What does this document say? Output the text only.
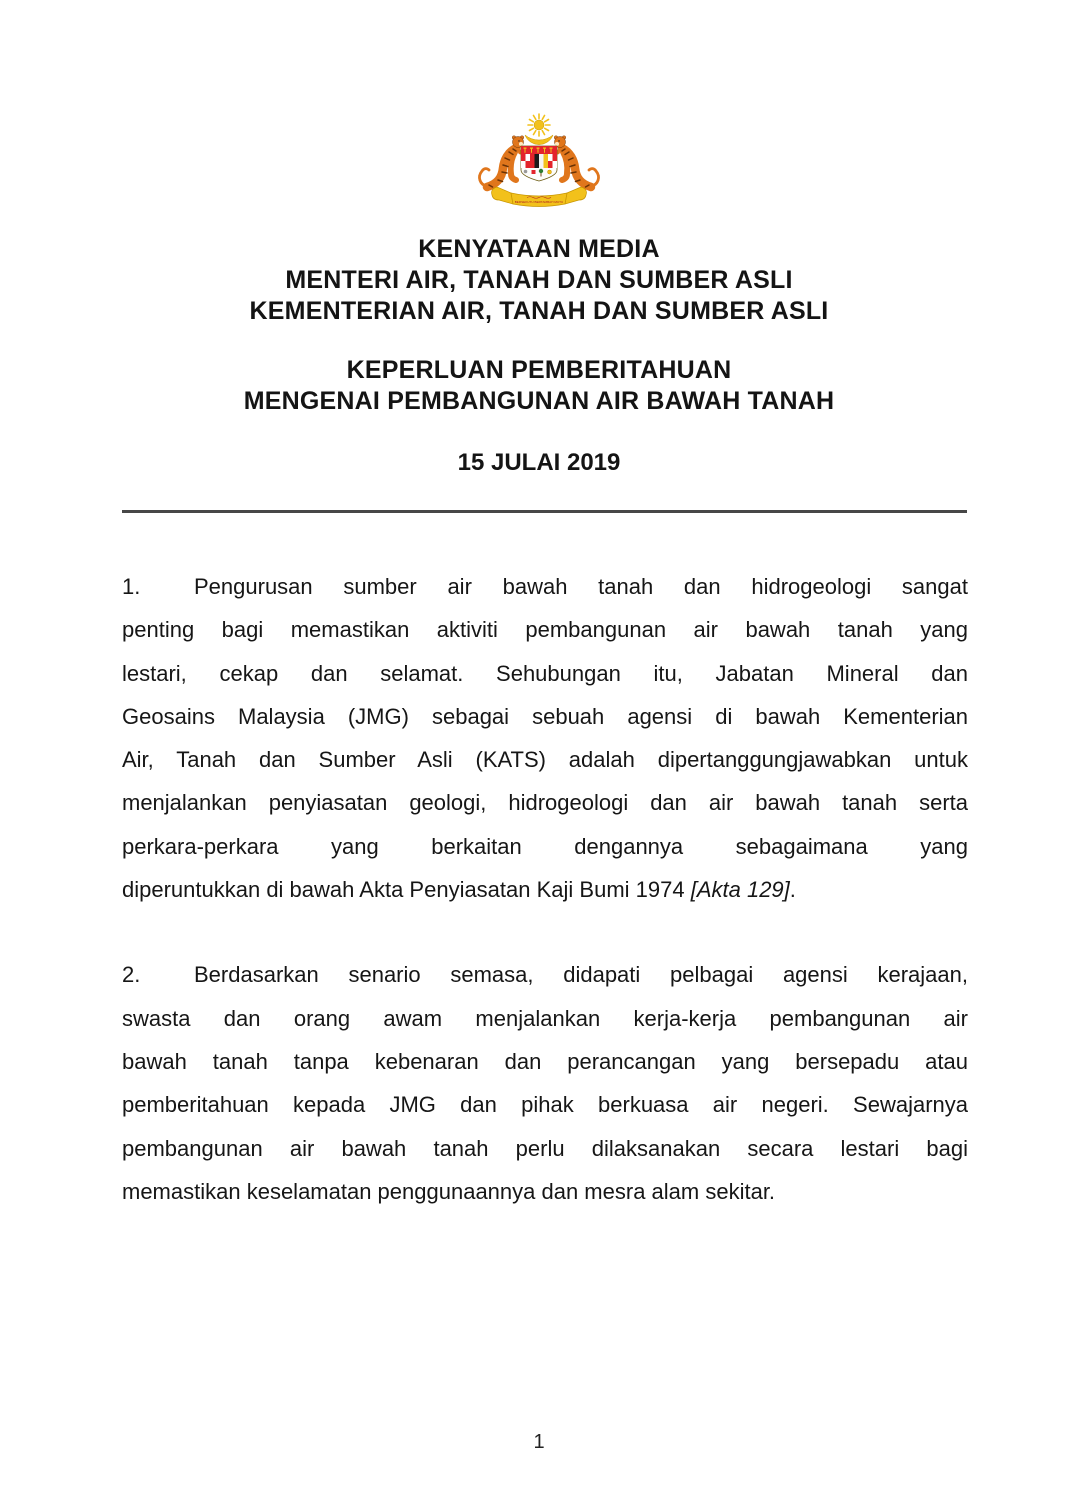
BERSEKUTU BERTAMBAH MUTU
KENYATAAN MEDIA
MENTERI AIR, TANAH DAN SUMBER ASLI
KEMENTERIAN AIR, TANAH DAN SUMBER ASLI
KEPERLUAN PEMBERITAHUAN
MENGENAI PEMBANGUNAN AIR BAWAH TANAH
15 JULAI 2019
1. Pengurusan sumber air bawah tanah dan hidrogeologi sangat
penting bagi memastikan aktiviti pembangunan air bawah tanah yang
lestari, cekap dan selamat. Sehubungan itu, Jabatan Mineral dan
Geosains Malaysia (JMG) sebagai sebuah agensi di bawah Kementerian
Air, Tanah dan Sumber Asli (KATS) adalah dipertanggungjawabkan untuk
menjalankan penyiasatan geologi, hidrogeologi dan air bawah tanah serta
perkara-perkara yang berkaitan dengannya sebagaimana yang
diperuntukkan di bawah Akta Penyiasatan Kaji Bumi 1974 [Akta 129].
2. Berdasarkan senario semasa, didapati pelbagai agensi kerajaan,
swasta dan orang awam menjalankan kerja-kerja pembangunan air
bawah tanah tanpa kebenaran dan perancangan yang bersepadu atau
pemberitahuan kepada JMG dan pihak berkuasa air negeri. Sewajarnya
pembangunan air bawah tanah perlu dilaksanakan secara lestari bagi
memastikan keselamatan penggunaannya dan mesra alam sekitar.
1
